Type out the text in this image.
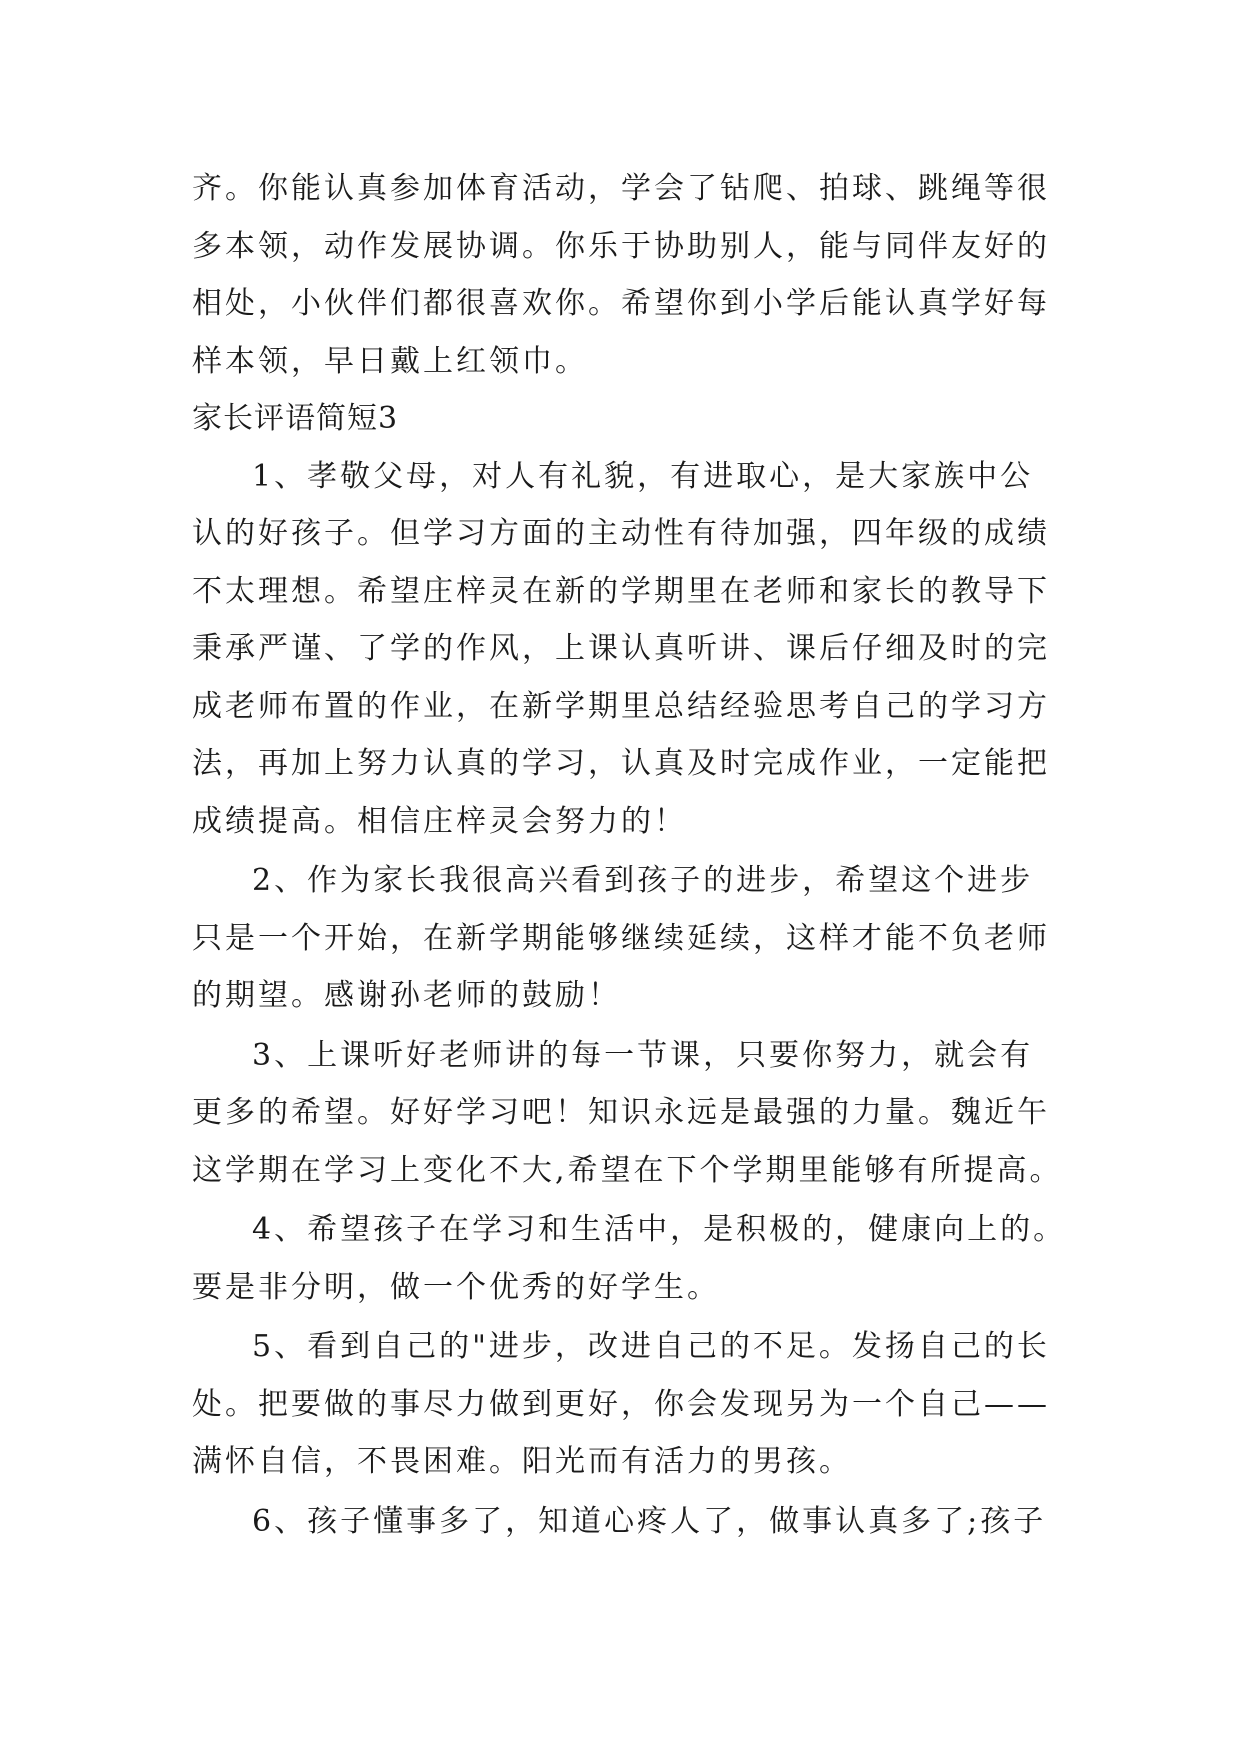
齐。你能认真参加体育活动，学会了钻爬、拍球、跳绳等很
多本领，动作发展协调。你乐于协助别人，能与同伴友好的
相处，小伙伴们都很喜欢你。希望你到小学后能认真学好每
样本领，早日戴上红领巾。
家长评语简短3
1、孝敬父母，对人有礼貌，有进取心，是大家族中公
认的好孩子。但学习方面的主动性有待加强，四年级的成绩
不太理想。希望庄梓灵在新的学期里在老师和家长的教导下
秉承严谨、了学的作风，上课认真听讲、课后仔细及时的完
成老师布置的作业，在新学期里总结经验思考自己的学习方
法，再加上努力认真的学习，认真及时完成作业，一定能把
成绩提高。相信庄梓灵会努力的！
2、作为家长我很高兴看到孩子的进步，希望这个进步
只是一个开始，在新学期能够继续延续，这样才能不负老师
的期望。感谢孙老师的鼓励！
3、上课听好老师讲的每一节课，只要你努力，就会有
更多的希望。好好学习吧！知识永远是最强的力量。魏近午
这学期在学习上变化不大,希望在下个学期里能够有所提高。
4、希望孩子在学习和生活中，是积极的，健康向上的。
要是非分明，做一个优秀的好学生。
5、看到自己的"进步，改进自己的不足。发扬自己的长
处。把要做的事尽力做到更好，你会发现另为一个自己——
满怀自信，不畏困难。阳光而有活力的男孩。
6、孩子懂事多了，知道心疼人了，做事认真多了;孩子
